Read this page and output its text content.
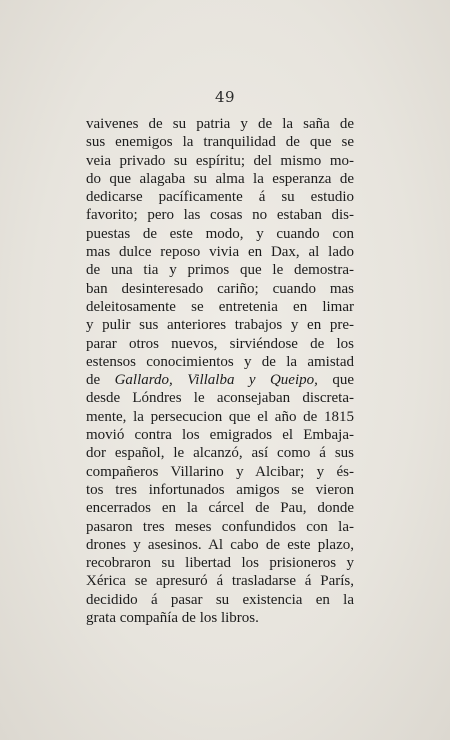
49
vaivenes de su patria y de la saña de
sus enemigos la tranquilidad de que se
veia privado su espíritu; del mismo mo-
do que alagaba su alma la esperanza de
dedicarse pacíficamente á su estudio
favorito; pero las cosas no estaban dis-
puestas de este modo, y cuando con
mas dulce reposo vivia en Dax, al lado
de una tia y primos que le demostra-
ban desinteresado cariño; cuando mas
deleitosamente se entretenia en limar
y pulir sus anteriores trabajos y en pre-
parar otros nuevos, sirviéndose de los
estensos conocimientos y de la amistad
de Gallardo, Villalba y Queipo, que
desde Lóndres le aconsejaban discreta-
mente, la persecucion que el año de 1815
movió contra los emigrados el Embaja-
dor español, le alcanzó, así como á sus
compañeros Villarino y Alcibar; y és-
tos tres infortunados amigos se vieron
encerrados en la cárcel de Pau, donde
pasaron tres meses confundidos con la-
drones y asesinos. Al cabo de este plazo,
recobraron su libertad los prisioneros y
Xérica se apresuró á trasladarse á París,
decidido á pasar su existencia en la
grata compañía de los libros.
